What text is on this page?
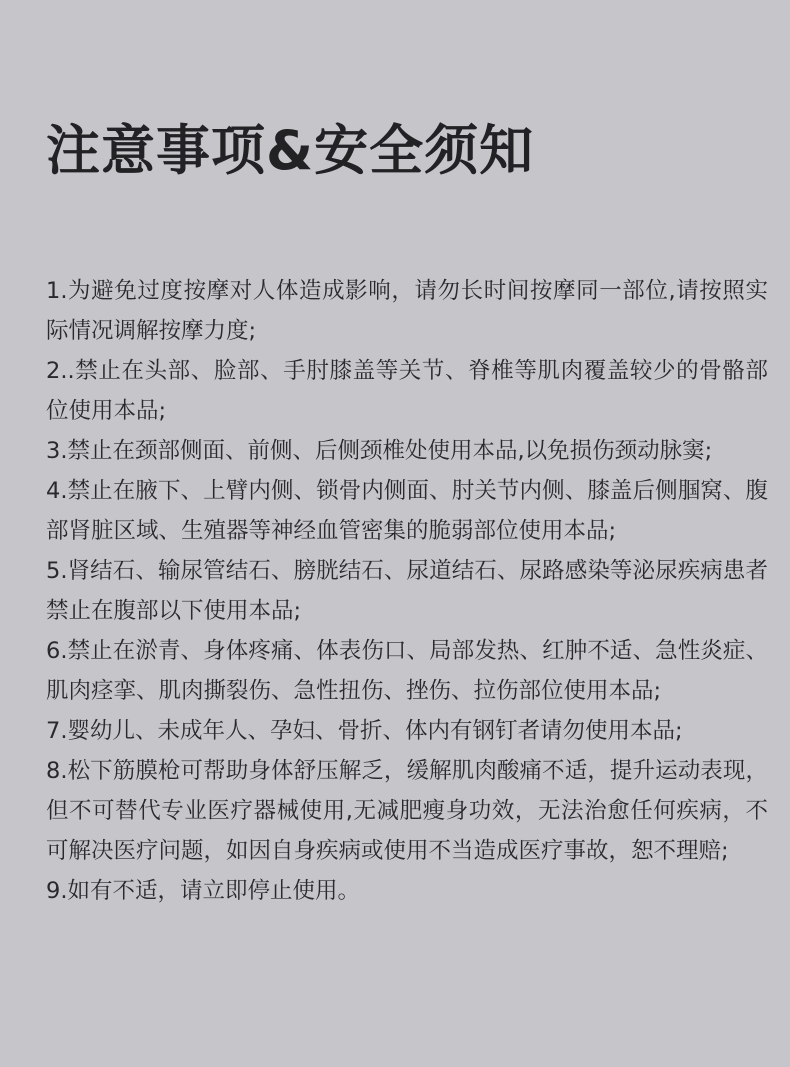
注意事项&安全须知
1.为避免过度按摩对人体造成影响，请勿长时间按摩同一部位,请按照实际情况调解按摩力度;
2..禁止在头部、脸部、手肘膝盖等关节、脊椎等肌肉覆盖较少的骨骼部位使用本品;
3.禁止在颈部侧面、前侧、后侧颈椎处使用本品,以免损伤颈动脉窦;
4.禁止在腋下、上臂内侧、锁骨内侧面、肘关节内侧、膝盖后侧腘窝、腹部肾脏区域、生殖器等神经血管密集的脆弱部位使用本品;
5.肾结石、输尿管结石、膀胱结石、尿道结石、尿路感染等泌尿疾病患者禁止在腹部以下使用本品;
6.禁止在淤青、身体疼痛、体表伤口、局部发热、红肿不适、急性炎症、肌肉痉挛、肌肉撕裂伤、急性扭伤、挫伤、拉伤部位使用本品;
7.婴幼儿、未成年人、孕妇、骨折、体内有钢钉者请勿使用本品;
8.松下筋膜枪可帮助身体舒压解乏，缓解肌肉酸痛不适，提升运动表现，但不可替代专业医疗器械使用,无减肥瘦身功效，无法治愈任何疾病，不可解决医疗问题，如因自身疾病或使用不当造成医疗事故，恕不理赔;
9.如有不适，请立即停止使用。
